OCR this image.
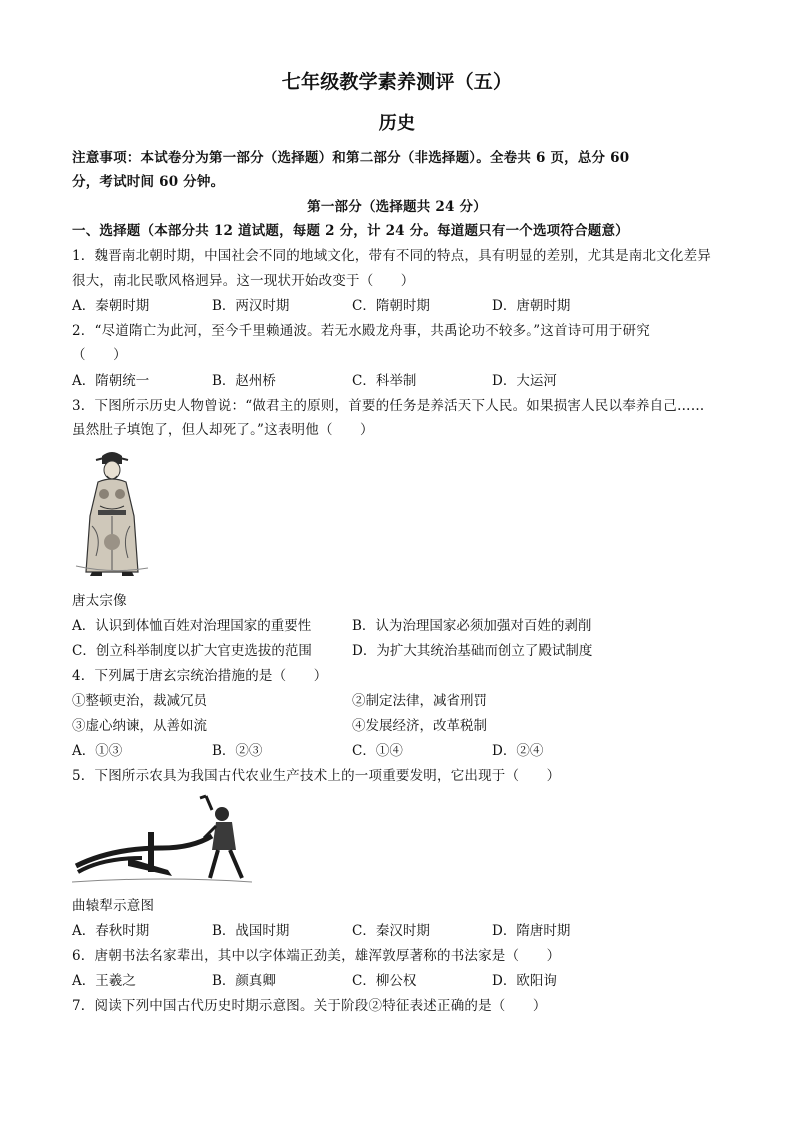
七年级教学素养测评（五）
历史
注意事项：本试卷分为第一部分（选择题）和第二部分（非选择题）。全卷共 6 页，总分 60
分，考试时间 60 分钟。
第一部分（选择题共 24 分）
一、选择题（本部分共 12 道试题，每题 2 分，计 24 分。每道题只有一个选项符合题意）
1．魏晋南北朝时期，中国社会不同的地域文化，带有不同的特点，具有明显的差别，尤其是南北文化差异
很大，南北民歌风格迥异。这一现状开始改变于（　　）
A．秦朝时期	B．两汉时期	C．隋朝时期	D．唐朝时期
2．“尽道隋亡为此河，至今千里赖通波。若无水殿龙舟事，共禹论功不较多。”这首诗可用于研究
（　　）
A．隋朝统一	B．赵州桥	C．科举制	D．大运河
3．下图所示历史人物曾说：“做君主的原则，首要的任务是养活天下人民。如果损害人民以奉养自己……
虽然肚子填饱了，但人却死了。”这表明他（　　）
唐太宗像
A．认识到体恤百姓对治理国家的重要性	B．认为治理国家必须加强对百姓的剥削
C．创立科举制度以扩大官吏选拔的范围	D．为扩大其统治基础而创立了殿试制度
4．下列属于唐玄宗统治措施的是（　　）
①整顿吏治，裁减冗员	②制定法律，减省刑罚
③虚心纳谏，从善如流	④发展经济，改革税制
A．①③	B．②③	C．①④	D．②④
5．下图所示农具为我国古代农业生产技术上的一项重要发明，它出现于（　　）
曲辕犁示意图
A．春秋时期	B．战国时期	C．秦汉时期	D．隋唐时期
6．唐朝书法名家辈出，其中以字体端正劲美，雄浑敦厚著称的书法家是（　　）
A．王羲之	B．颜真卿	C．柳公权	D．欧阳询
7．阅读下列中国古代历史时期示意图。关于阶段②特征表述正确的是（　　）
